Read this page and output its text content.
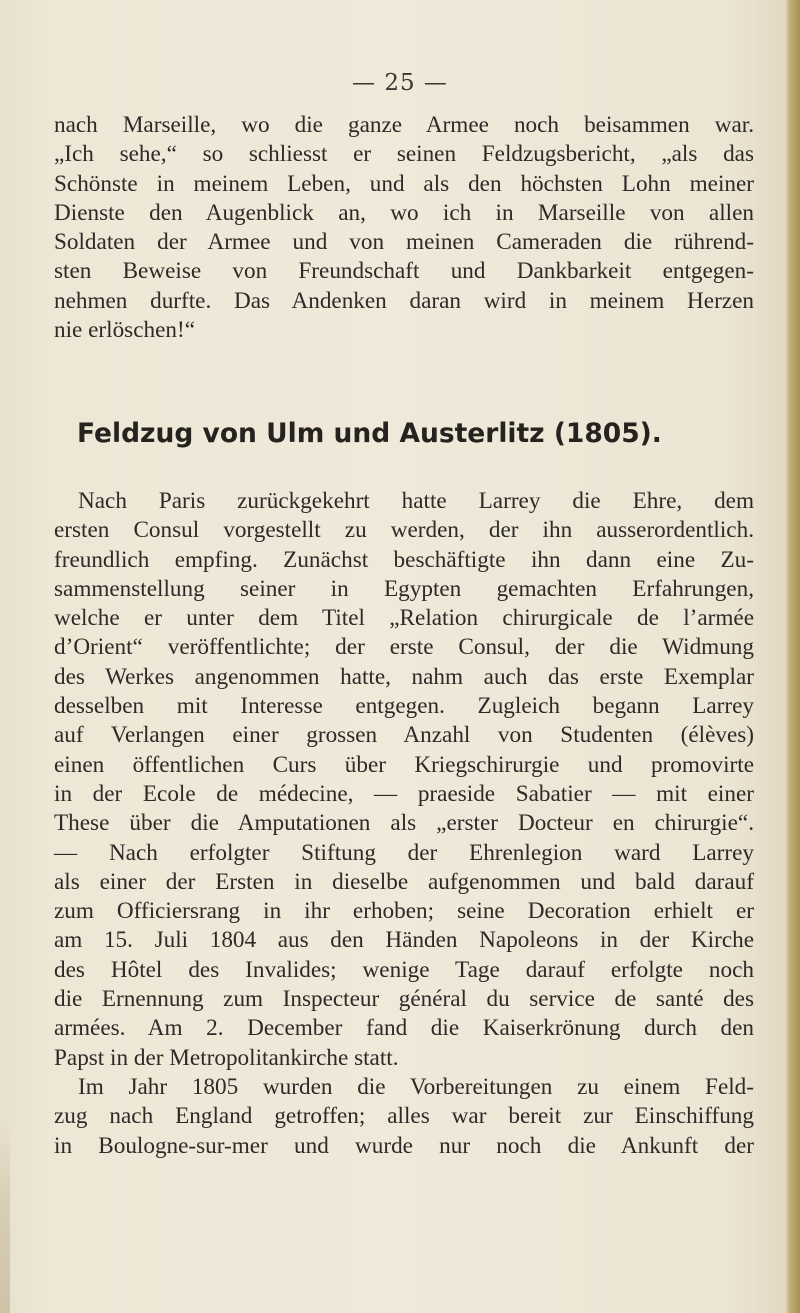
— 25 —
nach Marseille, wo die ganze Armee noch beisammen war.
„Ich sehe,“ so schliesst er seinen Feldzugsbericht, „als das
Schönste in meinem Leben, und als den höchsten Lohn meiner
Dienste den Augenblick an, wo ich in Marseille von allen
Soldaten der Armee und von meinen Cameraden die rührend-
sten Beweise von Freundschaft und Dankbarkeit entgegen-
nehmen durfte. Das Andenken daran wird in meinem Herzen
nie erlöschen!“
Feldzug von Ulm und Austerlitz (1805).
Nach Paris zurückgekehrt hatte Larrey die Ehre, dem
ersten Consul vorgestellt zu werden, der ihn ausserordentlich.
freundlich empfing. Zunächst beschäftigte ihn dann eine Zu-
sammenstellung seiner in Egypten gemachten Erfahrungen,
welche er unter dem Titel „Relation chirurgicale de l’armée
d’Orient“ veröffentlichte; der erste Consul, der die Widmung
des Werkes angenommen hatte, nahm auch das erste Exemplar
desselben mit Interesse entgegen. Zugleich begann Larrey
auf Verlangen einer grossen Anzahl von Studenten (élèves)
einen öffentlichen Curs über Kriegschirurgie und promovirte
in der Ecole de médecine, — praeside Sabatier — mit einer
These über die Amputationen als „erster Docteur en chirurgie“.
— Nach erfolgter Stiftung der Ehrenlegion ward Larrey
als einer der Ersten in dieselbe aufgenommen und bald darauf
zum Officiersrang in ihr erhoben; seine Decoration erhielt er
am 15. Juli 1804 aus den Händen Napoleons in der Kirche
des Hôtel des Invalides; wenige Tage darauf erfolgte noch
die Ernennung zum Inspecteur général du service de santé des
armées. Am 2. December fand die Kaiserkrönung durch den
Papst in der Metropolitankirche statt.
Im Jahr 1805 wurden die Vorbereitungen zu einem Feld-
zug nach England getroffen; alles war bereit zur Einschiffung
in Boulogne-sur-mer und wurde nur noch die Ankunft der
